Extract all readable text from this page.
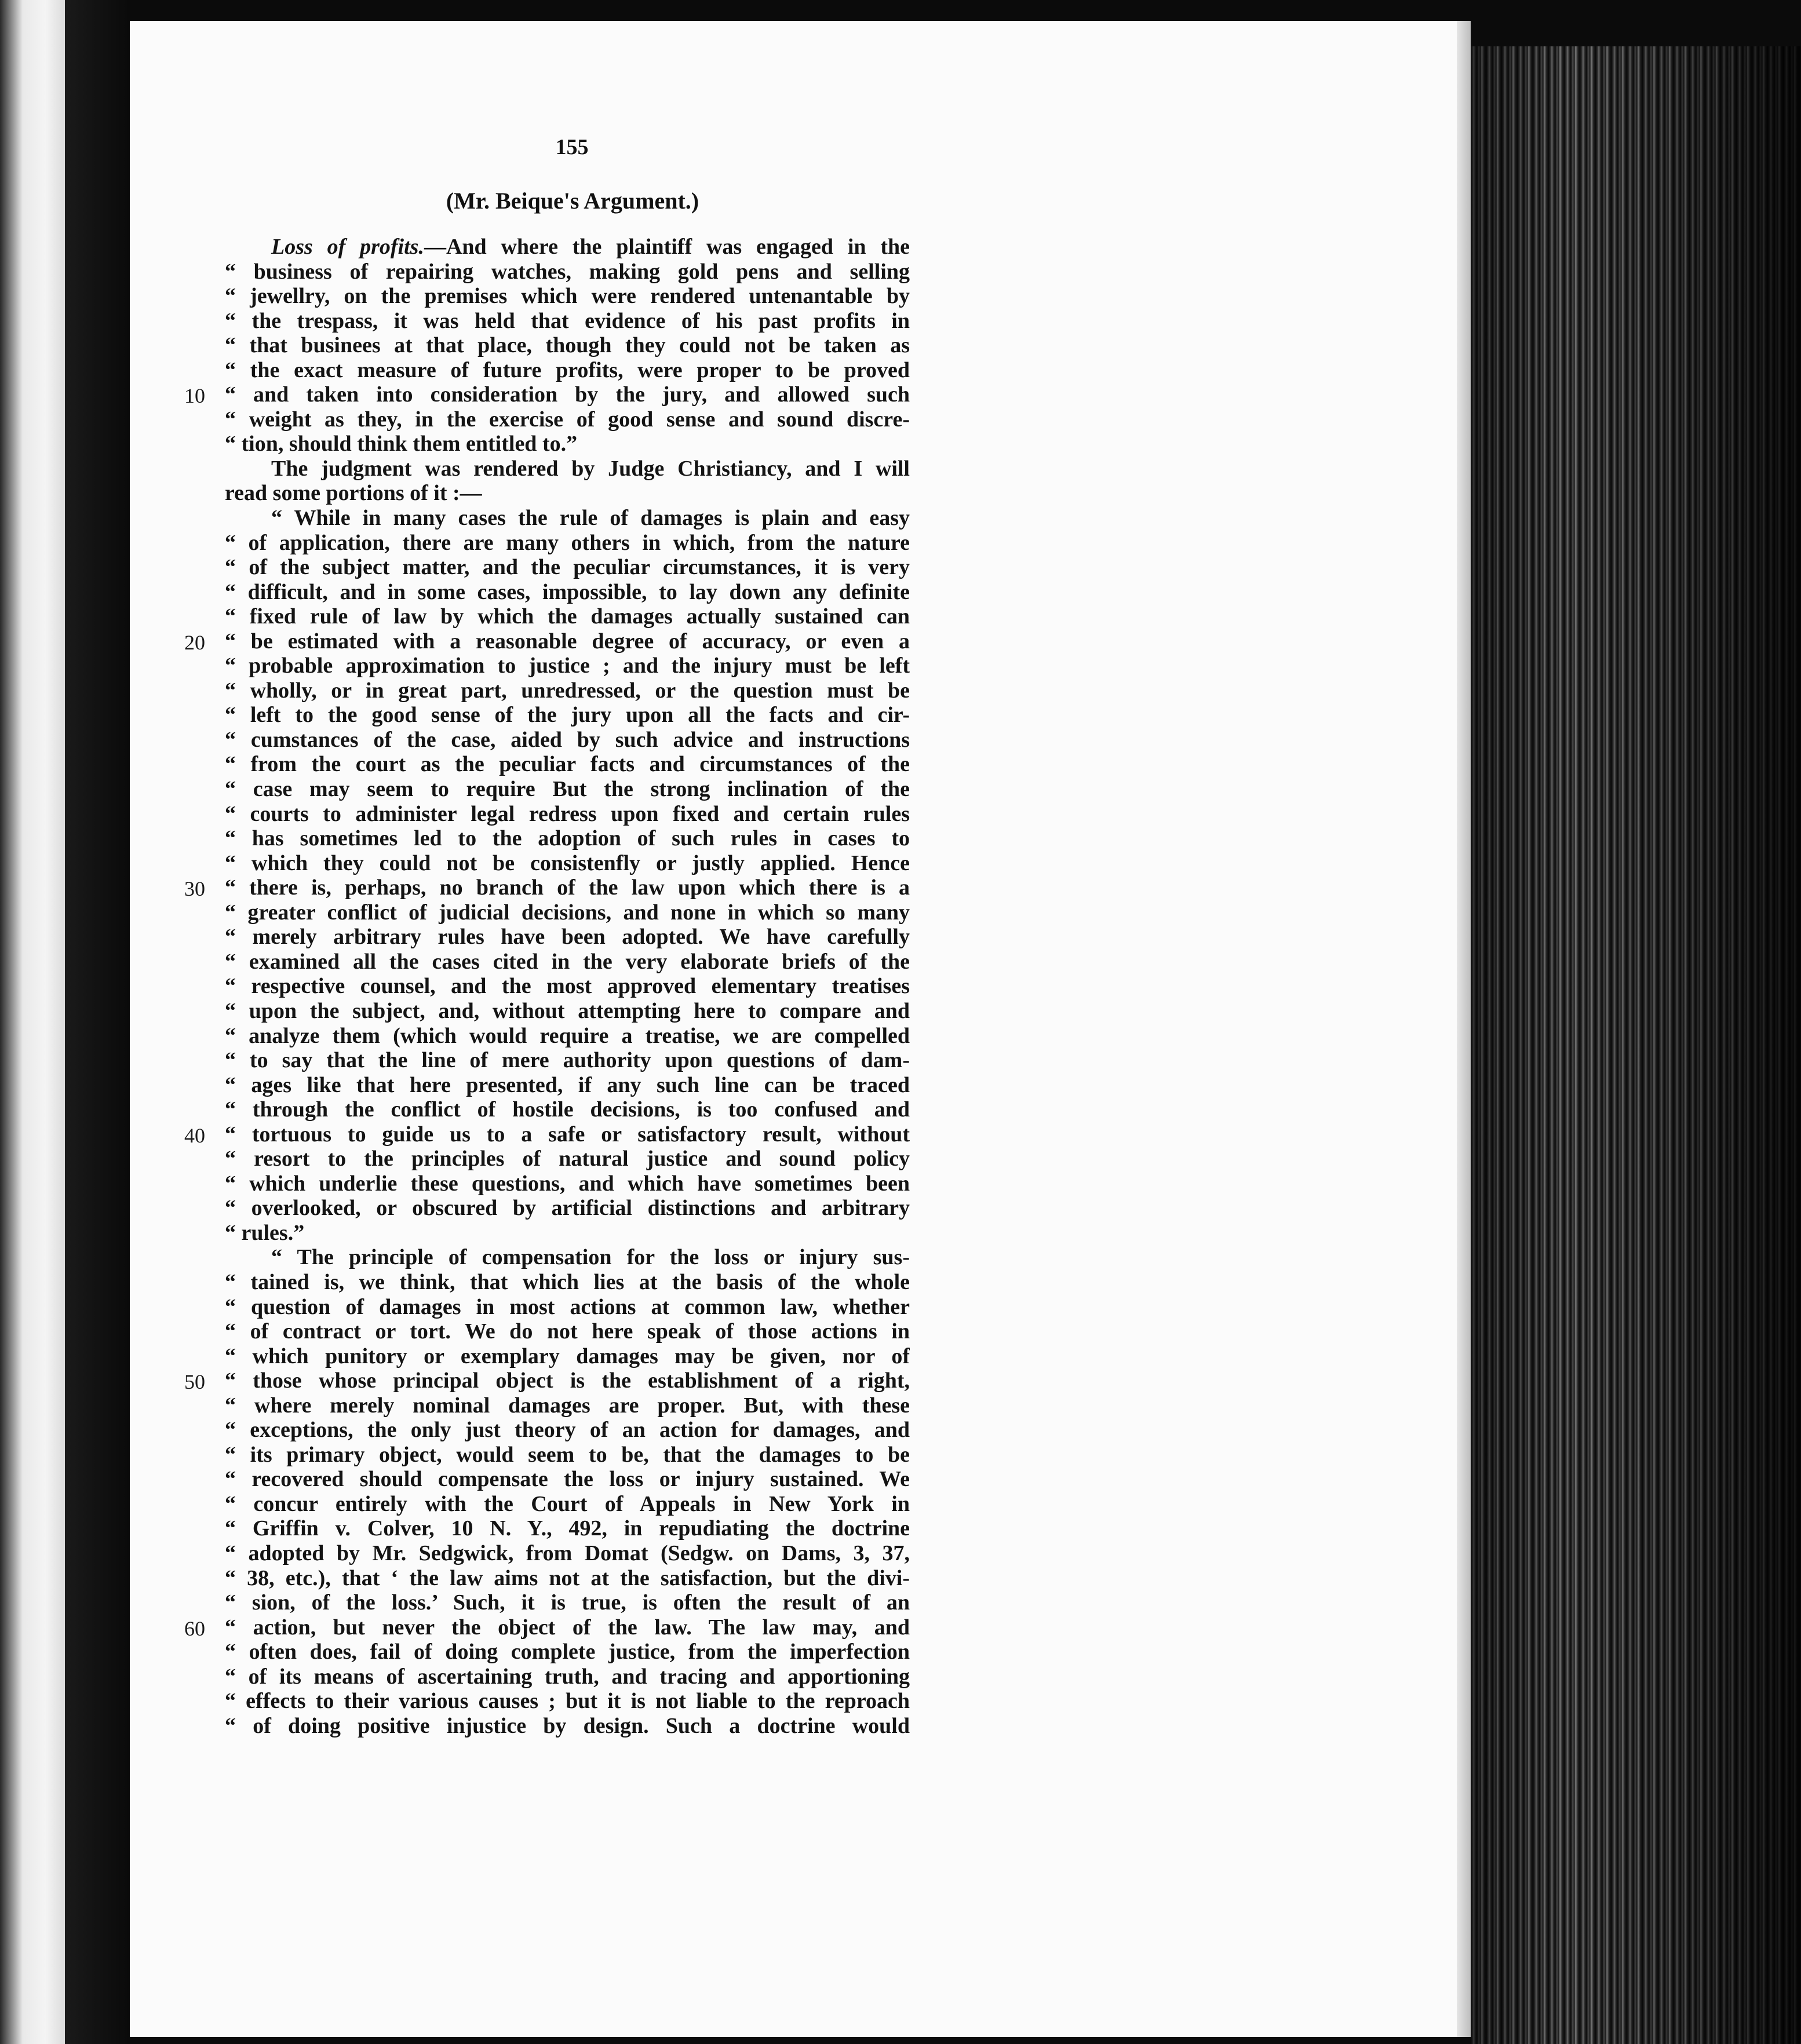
155
(Mr. Beique's Argument.)
Loss of profits.—And where the plaintiff was engaged in the
“ business of repairing watches, making gold pens and selling
“ jewellry, on the premises which were rendered untenantable by
“ the trespass, it was held that evidence of his past profits in
“ that businees at that place, though they could not be taken as
“ the exact measure of future profits, were proper to be proved
“ and taken into consideration by the jury, and allowed such
“ weight as they, in the exercise of good sense and sound discre-
“ tion, should think them entitled to.”
The judgment was rendered by Judge Christiancy, and I will
read some portions of it :—
“ While in many cases the rule of damages is plain and easy
“ of application, there are many others in which, from the nature
“ of the subject matter, and the peculiar circumstances, it is very
“ difficult, and in some cases, impossible, to lay down any definite
“ fixed rule of law by which the damages actually sustained can
“ be estimated with a reasonable degree of accuracy, or even a
“ probable approximation to justice ; and the injury must be left
“ wholly, or in great part, unredressed, or the question must be
“ left to the good sense of the jury upon all the facts and cir-
“ cumstances of the case, aided by such advice and instructions
“ from the court as the peculiar facts and circumstances of the
“ case may seem to require But the strong inclination of the
“ courts to administer legal redress upon fixed and certain rules
“ has sometimes led to the adoption of such rules in cases to
“ which they could not be consistenfly or justly applied. Hence
“ there is, perhaps, no branch of the law upon which there is a
“ greater conflict of judicial decisions, and none in which so many
“ merely arbitrary rules have been adopted. We have carefully
“ examined all the cases cited in the very elaborate briefs of the
“ respective counsel, and the most approved elementary treatises
“ upon the subject, and, without attempting here to compare and
“ analyze them (which would require a treatise, we are compelled
“ to say that the line of mere authority upon questions of dam-
“ ages like that here presented, if any such line can be traced
“ through the conflict of hostile decisions, is too confused and
“ tortuous to guide us to a safe or satisfactory result, without
“ resort to the principles of natural justice and sound policy
“ which underlie these questions, and which have sometimes been
“ overlooked, or obscured by artificial distinctions and arbitrary
“ rules.”
“ The principle of compensation for the loss or injury sus-
“ tained is, we think, that which lies at the basis of the whole
“ question of damages in most actions at common law, whether
“ of contract or tort. We do not here speak of those actions in
“ which punitory or exemplary damages may be given, nor of
“ those whose principal object is the establishment of a right,
“ where merely nominal damages are proper. But, with these
“ exceptions, the only just theory of an action for damages, and
“ its primary object, would seem to be, that the damages to be
“ recovered should compensate the loss or injury sustained. We
“ concur entirely with the Court of Appeals in New York in
“ Griffin v. Colver, 10 N. Y., 492, in repudiating the doctrine
“ adopted by Mr. Sedgwick, from Domat (Sedgw. on Dams, 3, 37,
“ 38, etc.), that ‘ the law aims not at the satisfaction, but the divi-
“ sion, of the loss.’ Such, it is true, is often the result of an
“ action, but never the object of the law. The law may, and
“ often does, fail of doing complete justice, from the imperfection
“ of its means of ascertaining truth, and tracing and apportioning
“ effects to their various causes ; but it is not liable to the reproach
“ of doing positive injustice by design. Such a doctrine would
10
20
30
40
50
60
